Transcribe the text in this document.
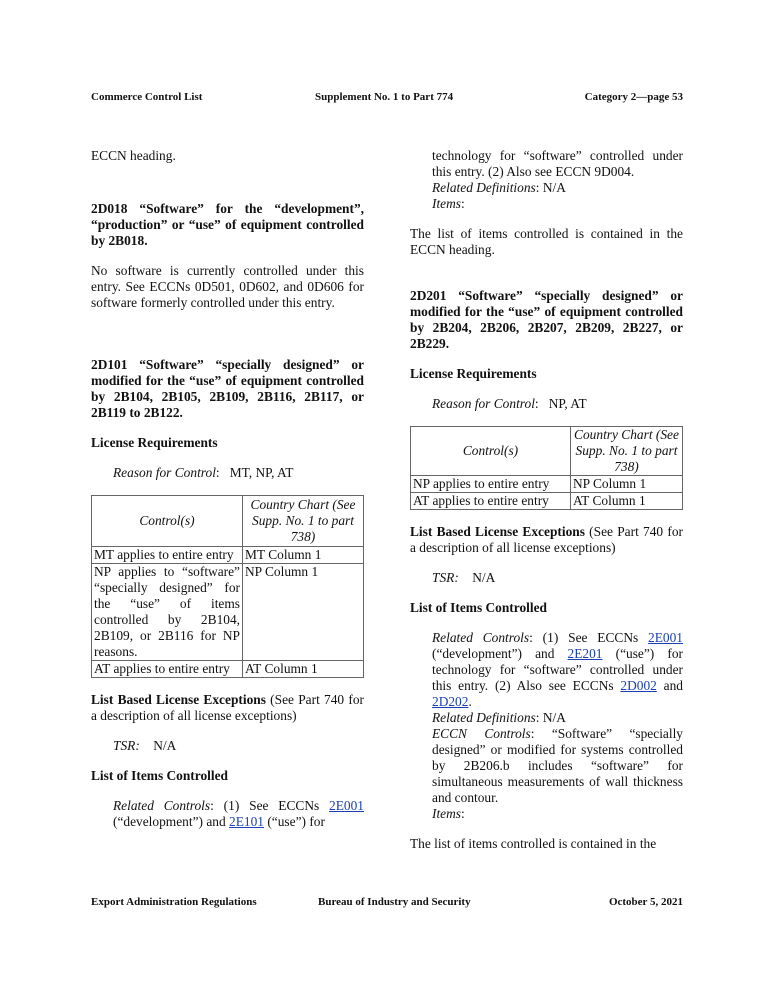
Commerce Control List	Supplement No. 1 to Part 774	Category 2—page 53

ECCN heading.

2D018 “Software” for the “development”, “production” or “use” of equipment controlled by 2B018.

No software is currently controlled under this entry. See ECCNs 0D501, 0D602, and 0D606 for software formerly controlled under this entry.

2D101 “Software” “specially designed” or modified for the “use” of equipment controlled by 2B104, 2B105, 2B109, 2B116, 2B117, or 2B119 to 2B122.

License Requirements

Reason for Control:   MT, NP, AT

Control(s)	Country Chart (See Supp. No. 1 to part 738)
MT applies to entire entry	MT Column 1
NP applies to “software” “specially designed” for the “use” of items controlled by 2B104, 2B109, or 2B116 for NP reasons.	NP Column 1
AT applies to entire entry	AT Column 1

List Based License Exceptions (See Part 740 for a description of all license exceptions)

TSR: N/A

List of Items Controlled

Related Controls: (1) See ECCNs 2E001 (“development”) and 2E101 (“use”) for

technology for “software” controlled under this entry. (2) Also see ECCN 9D004.

Related Definitions: N/A

Items:

The list of items controlled is contained in the ECCN heading.

2D201 “Software” “specially designed” or modified for the “use” of equipment controlled by 2B204, 2B206, 2B207, 2B209, 2B227, or 2B229.

License Requirements

Reason for Control:   NP, AT

Control(s)	Country Chart (See Supp. No. 1 to part 738)
NP applies to entire entry	NP Column 1
AT applies to entire entry	AT Column 1

List Based License Exceptions (See Part 740 for a description of all license exceptions)

TSR: N/A

List of Items Controlled

Related Controls: (1) See ECCNs 2E001 (“development”) and 2E201 (“use”) for technology for “software” controlled under this entry. (2) Also see ECCNs 2D002 and 2D202.

Related Definitions: N/A

ECCN Controls: “Software” “specially designed” or modified for systems controlled by 2B206.b includes “software” for simultaneous measurements of wall thickness and contour.

Items:

The list of items controlled is contained in the

Export Administration Regulations	Bureau of Industry and Security	October 5, 2021
